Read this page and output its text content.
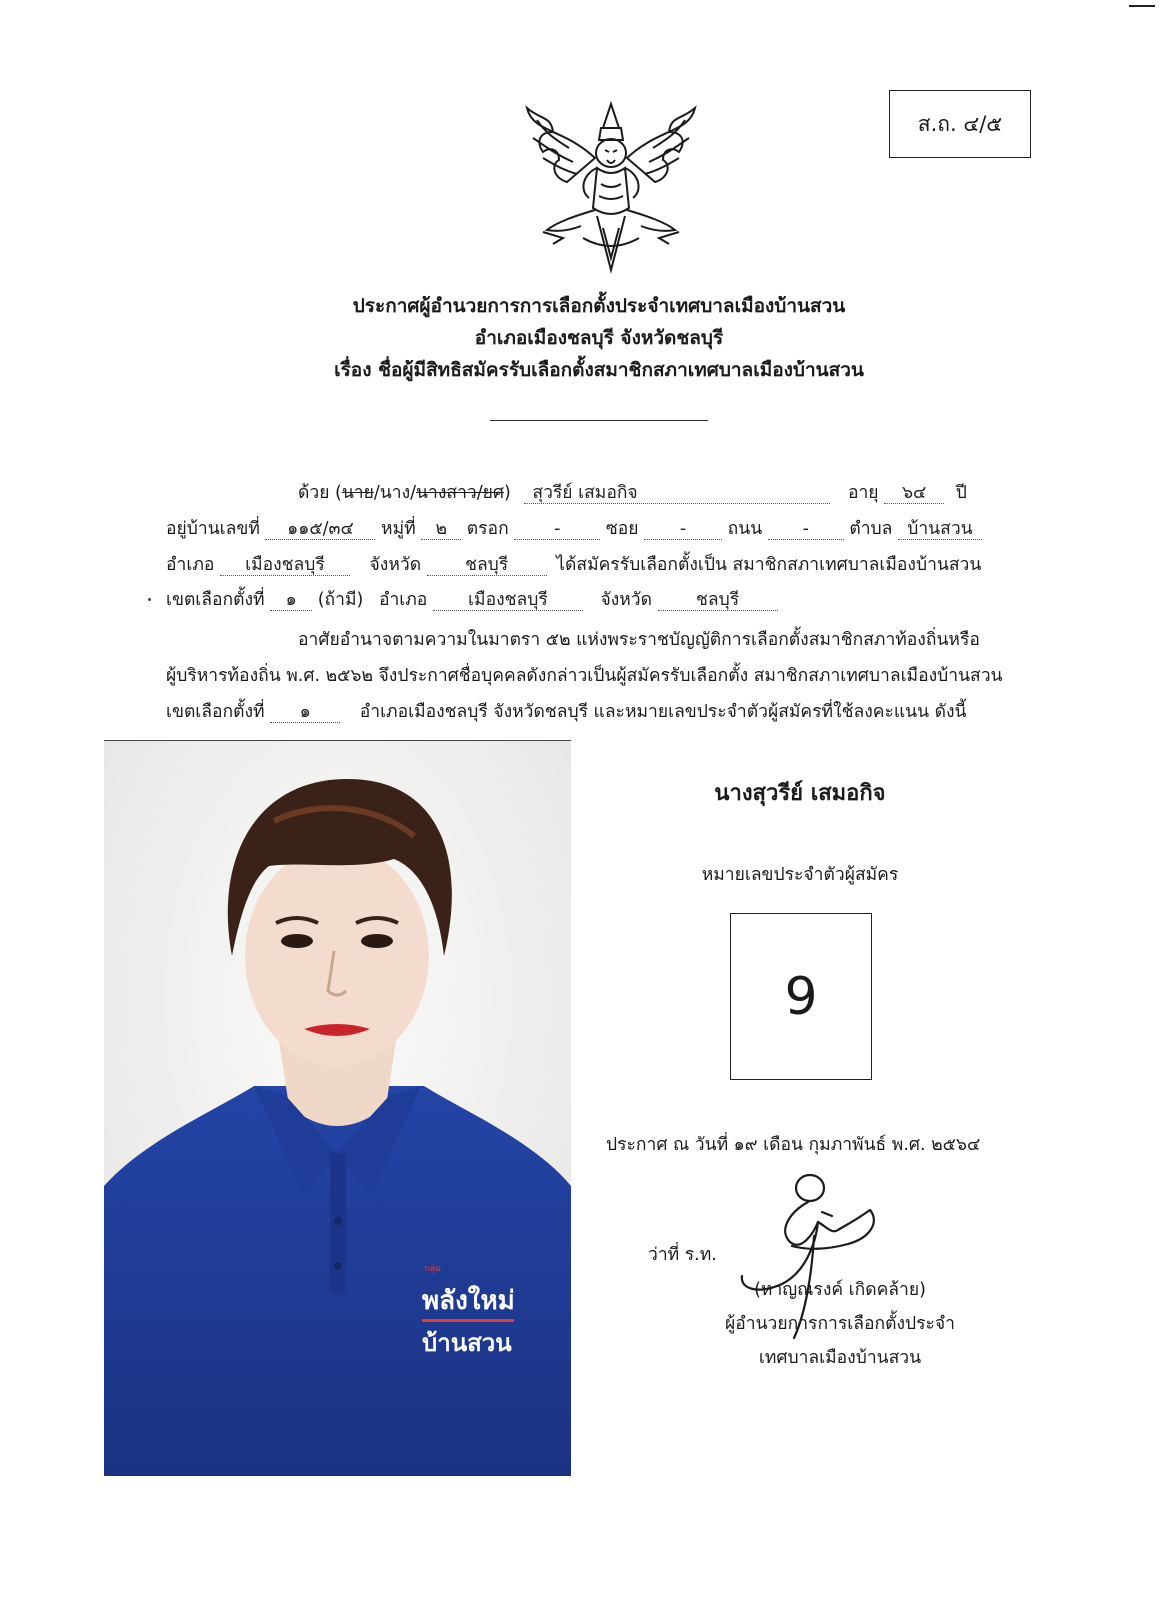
ส.ถ. ๔/๕
ประกาศผู้อำนวยการการเลือกตั้งประจำเทศบาลเมืองบ้านสวน
อำเภอเมืองชลบุรี จังหวัดชลบุรี
เรื่อง ชื่อผู้มีสิทธิสมัครรับเลือกตั้งสมาชิกสภาเทศบาลเมืองบ้านสวน
ด้วย (นาย/นาง/นางสาว/ยศ) สุวรีย์ เสมอกิจ	อายุ ๖๔ ปี
อยู่บ้านเลขที่ ๑๑๕/๓๔ หมู่ที่ ๒ ตรอก	-	ซอย - ถนน - ตำบล บ้านสวน
อำเภอ เมืองชลบุรี	จังหวัด	ชลบุรี	ได้สมัครรับเลือกตั้งเป็น สมาชิกสภาเทศบาลเมืองบ้านสวน
เขตเลือกตั้งที่ ๑ (ถ้ามี) อำเภอ เมืองชลบุรี	จังหวัด	ชลบุรี
อาศัยอำนาจตามความในมาตรา ๕๒ แห่งพระราชบัญญัติการเลือกตั้งสมาชิกสภาท้องถิ่นหรือ
ผู้บริหารท้องถิ่น พ.ศ. ๒๕๖๒ จึงประกาศชื่อบุคคลดังกล่าวเป็นผู้สมัครรับเลือกตั้ง สมาชิกสภาเทศบาลเมืองบ้านสวน
เขตเลือกตั้งที่ ๑	อำเภอเมืองชลบุรี จังหวัดชลบุรี และหมายเลขประจำตัวผู้สมัครที่ใช้ลงคะแนน ดังนี้
กลุ่ม
พลังใหม่
บ้านสวน
นางสุวรีย์ เสมอกิจ
หมายเลขประจำตัวผู้สมัคร
9
ประกาศ ณ วันที่ ๑๙ เดือน กุมภาพันธ์ พ.ศ. ๒๕๖๔
ว่าที่ ร.ท.
(หาญณรงค์ เกิดคล้าย)
ผู้อำนวยการการเลือกตั้งประจำ
เทศบาลเมืองบ้านสวน
